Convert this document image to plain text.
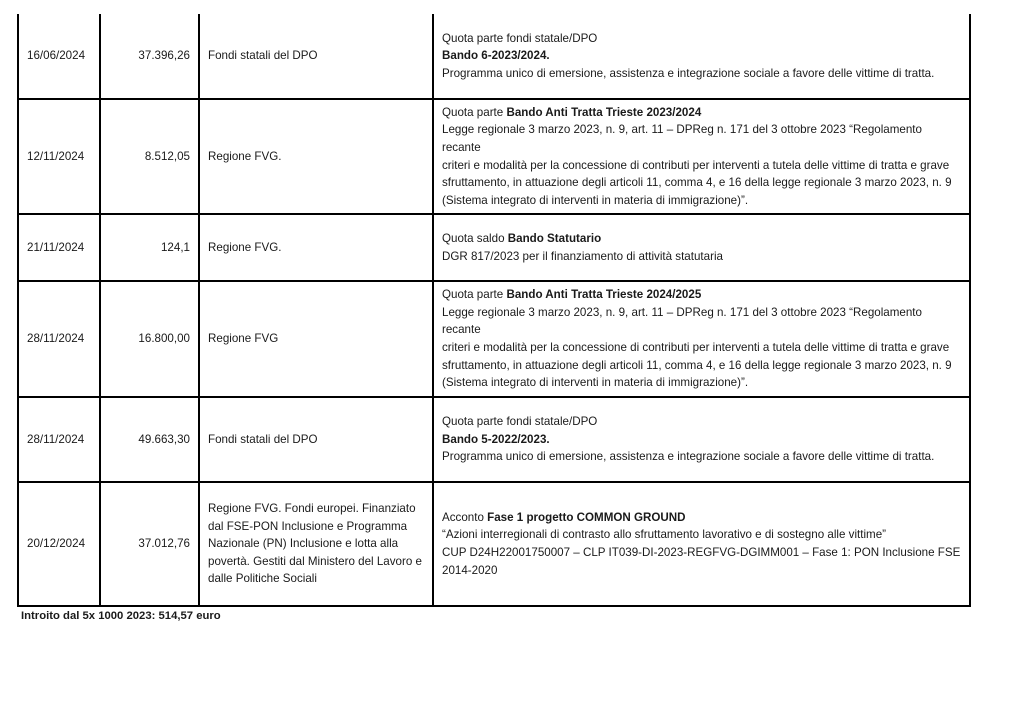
16/06/2024	37.396,26	Fondi statali del DPO	Quota parte fondi statale/DPO
Bando 6-2023/2024.
Programma unico di emersione, assistenza e integrazione sociale a favore delle vittime di tratta.

12/11/2024	8.512,05	Regione FVG.	Quota parte Bando Anti Tratta Trieste 2023/2024
Legge regionale 3 marzo 2023, n. 9, art. 11 – DPReg n. 171 del 3 ottobre 2023 “Regolamento recante
criteri e modalità per la concessione di contributi per interventi a tutela delle vittime di tratta e grave
sfruttamento, in attuazione degli articoli 11, comma 4, e 16 della legge regionale 3 marzo 2023, n. 9
(Sistema integrato di interventi in materia di immigrazione)”.

21/11/2024	124,1	Regione FVG.	Quota saldo Bando Statutario
DGR 817/2023 per il finanziamento di attività statutaria

28/11/2024	16.800,00	Regione FVG	Quota parte Bando Anti Tratta Trieste 2024/2025
Legge regionale 3 marzo 2023, n. 9, art. 11 – DPReg n. 171 del 3 ottobre 2023 “Regolamento recante
criteri e modalità per la concessione di contributi per interventi a tutela delle vittime di tratta e grave
sfruttamento, in attuazione degli articoli 11, comma 4, e 16 della legge regionale 3 marzo 2023, n. 9
(Sistema integrato di interventi in materia di immigrazione)”.

28/11/2024	49.663,30	Fondi statali del DPO	Quota parte fondi statale/DPO
Bando 5-2022/2023.
Programma unico di emersione, assistenza e integrazione sociale a favore delle vittime di tratta.

20/12/2024	37.012,76	Regione FVG. Fondi europei. Finanziato dal FSE-PON Inclusione e Programma Nazionale (PN) Inclusione e lotta alla povertà. Gestiti dal Ministero del Lavoro e dalle Politiche Sociali	Acconto Fase 1 progetto COMMON GROUND
“Azioni interregionali di contrasto allo sfruttamento lavorativo e di sostegno alle vittime”
CUP D24H22001750007 – CLP IT039-DI-2023-REGFVG-DGIMM001 – Fase 1: PON Inclusione FSE
2014-2020
Introito dal 5x 1000 2023: 514,57 euro
